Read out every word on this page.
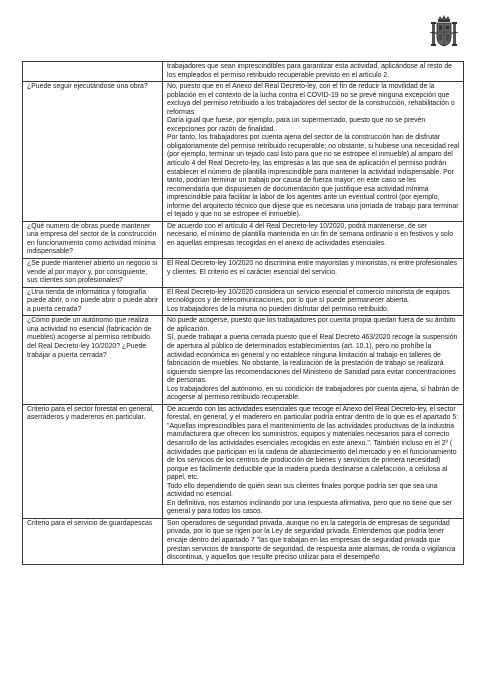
	trabajadores que sean imprescindibles para garantizar esta actividad, aplicándose al resto de los empleados el permiso retribuido recuperable previsto en el artículo 2.

¿Puede seguir ejecutándose una obra?	No, puesto que en el Anexo del Real Decreto-ley, con el fin de reducir la movilidad de la población en el contexto de la lucha contra el COVID-19 no se prevé ninguna excepción que excluya del permiso retribuido a los trabajadores del sector de la construcción, rehabilitación o reformas.

Daría igual que fuese, por ejemplo, para un supermercado, puesto que no se prevén excepciones por razón de finalidad.

Por tanto, los trabajadores por cuenta ajena del sector de la construcción han de disfrutar obligatoriamente del permiso retribuido recuperable; no obstante, si hubiese una necesidad real (por ejemplo, terminar un tejado casi listo para que no se estropee el inmueble) al amparo del artículo 4 del Real Decreto-ley, las empresas a las que sea de aplicación el permiso podrán establecer el número de plantilla imprescindible para mantener la actividad indispensable. Por tanto, podrían terminar un trabajo por causa de fuerza mayor; en este caso se les recomendaría que dispusiesen de documentación que justifique esa actividad mínima imprescindible para facilitar la labor de los agentes ante un eventual control (por ejemplo, informe del arquitecto técnico que dijese que es necesaria una jornada de trabajo para terminar el tejado y que no se estropee el inmueble).

¿Qué numero de obras puede mantener una empresa del sector de la construcción en funcionamiento como actividad mínima indispensable?	De acuerdo con el artículo 4 del Real Decreto-ley 10/2020, podrá mantenerse, de ser necesario, el mínimo de plantilla mantenida en un fin de semana ordinario o en festivos y solo en aquellas empresas recogidas en el anexo de actividades esenciales.

¿Se puede mantener abierto un negocio si vende al por mayor y, por consiguiente, sus clientes son profesionales?	El Real Decreto-ley 10/2020 no discrimina entre mayoristas y minoristas, ni entre profesionales y clientes. El criterio es el carácter esencial del servicio.

¿Una tienda de informática y fotografía puede abrir, o no puede abrir o puede abrir a puerta cerrada?	El Real Decreto-ley 10/2020 considera un servicio esencial el comercio minorista de equipos tecnológicos y de telecomunicaciones, por lo que sí puede permanecer abierta.

Los trabajadores de la misma no pueden disfrutar del permiso retribuido.

¿Cómo puede un autónomo que realiza una actividad no esencial (fabricación de muebles) acogerse al permiso retribuido del Real Decreto-ley 10/2020? ¿Puede trabajar a puerta cerrada?	No puede acogerse, puesto que los trabajadores por cuenta propia quedan fuera de su ámbito de aplicación.

Sí, puede trabajar a puerta cerrada puesto que el Real Decreto 463/2020 recoge la suspensión de apertura al público de determinados establecimientos (art. 10.1), pero no prohíbe la actividad económica en general y no establece ninguna limitación al trabajo en talleres de fabricación de muebles. No obstante, la realización de la prestación de trabajo se realizará siguiendo siempre las recomendaciones del Ministerio de Sanidad para evitar concentraciones de personas.

Los trabajadores del autónomo, en su condición de trabajadores por cuenta ajena, sí habrán de acogerse al permiso retribuido recuperable.

Criterio para el sector forestal en general, aserraderos y madereros en particular.	De acuerdo con las actividades esenciales que recoge el Anexo del Real Decreto-ley, el sector forestal, en general, y el maderero en particular podría entrar dentro de lo que es el apartado 5: "Aquellas imprescindibles para el mantenimiento de las actividades productivas de la industria manufacturera que ofrecen los suministros, equipos y materiales necesarios para el correcto desarrollo de las actividades esenciales recogidas en este anexo.". También incluso en el 2º ( actividades que participan en la cadena de abastecimiento del mercado y en el funcionamiento de los servicios de los centros de producción de bienes y servicios de primera necesidad) porque es fácilmente deducible que la madera pueda destinarse a calefacción, a celulosa al papel, etc.

Todo ello dependiendo de quién sean sus clientes finales porque podría ser que sea una actividad no esencial.

En definitiva, nos estamos inclinando por una respuesta afirmativa, pero que no tiene que ser general y para todos los casos.

Criterio para el servicio de guardapescas	Son operadores de seguridad privada, aunque no en la categoría de empresas de seguridad privada, por lo que se rigen por la Ley de seguridad privada. Entendemos que podría tener encaje dentro del apartado 7 "las que trabajan en las empresas de seguridad privada que prestan servicios de transporte de seguridad, de respuesta ante alarmas, de ronda o vigilancia discontinua, y aquellos que resulte preciso utilizar para el desempeño
